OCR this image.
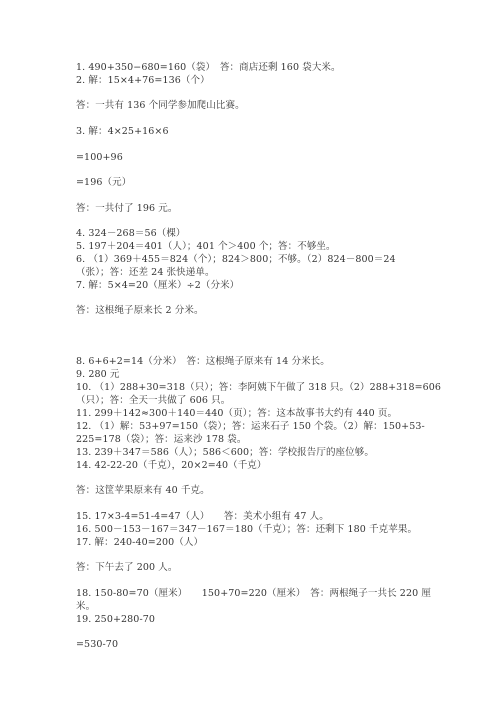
1. 490+350−680=160（袋）　答：商店还剩 160 袋大米。
2. 解：15×4+76=136（个）
答：一共有 136 个同学参加爬山比赛。
3. 解：4×25+16×6
=100+96
=196（元）
答：一共付了 196 元。
4. 324－268＝56（棵）
5. 197＋204＝401（人）；401 个＞400 个；答：不够坐。
6. （1）369＋455＝824（个）；824＞800；不够。（2）824－800＝24
（张）；答：还差 24 张快递单。
7. 解：5×4=20（厘米）÷2（分米）
答：这根绳子原来长 2 分米。
8. 6+6+2=14（分米）　答：这根绳子原来有 14 分米长。
9. 280 元
10. （1）288+30=318（只）；答：李阿姨下午做了 318 只。（2）288+318=606
（只）；答：全天一共做了 606 只。
11. 299＋142≈300＋140＝440（页）；答：这本故事书大约有 440 页。
12. （1）解：53+97=150（袋）；答：运来石子 150 个袋。（2）解：150+53-
225=178（袋）；答：运来沙 178 袋。
13. 239＋347＝586（人）；586＜600；答：学校报告厅的座位够。
14. 42-22-20（千克），20×2=40（千克）
答：这筐苹果原来有 40 千克。
15. 17×3-4=51-4=47（人）　　答：美术小组有 47 人。
16. 500－153－167＝347－167＝180（千克）；答：还剩下 180 千克苹果。
17. 解：240-40=200（人）
答：下午去了 200 人。
18. 150-80=70（厘米）　　150+70=220（厘米）　答：两根绳子一共长 220 厘
米。
19. 250+280-70
=530-70
